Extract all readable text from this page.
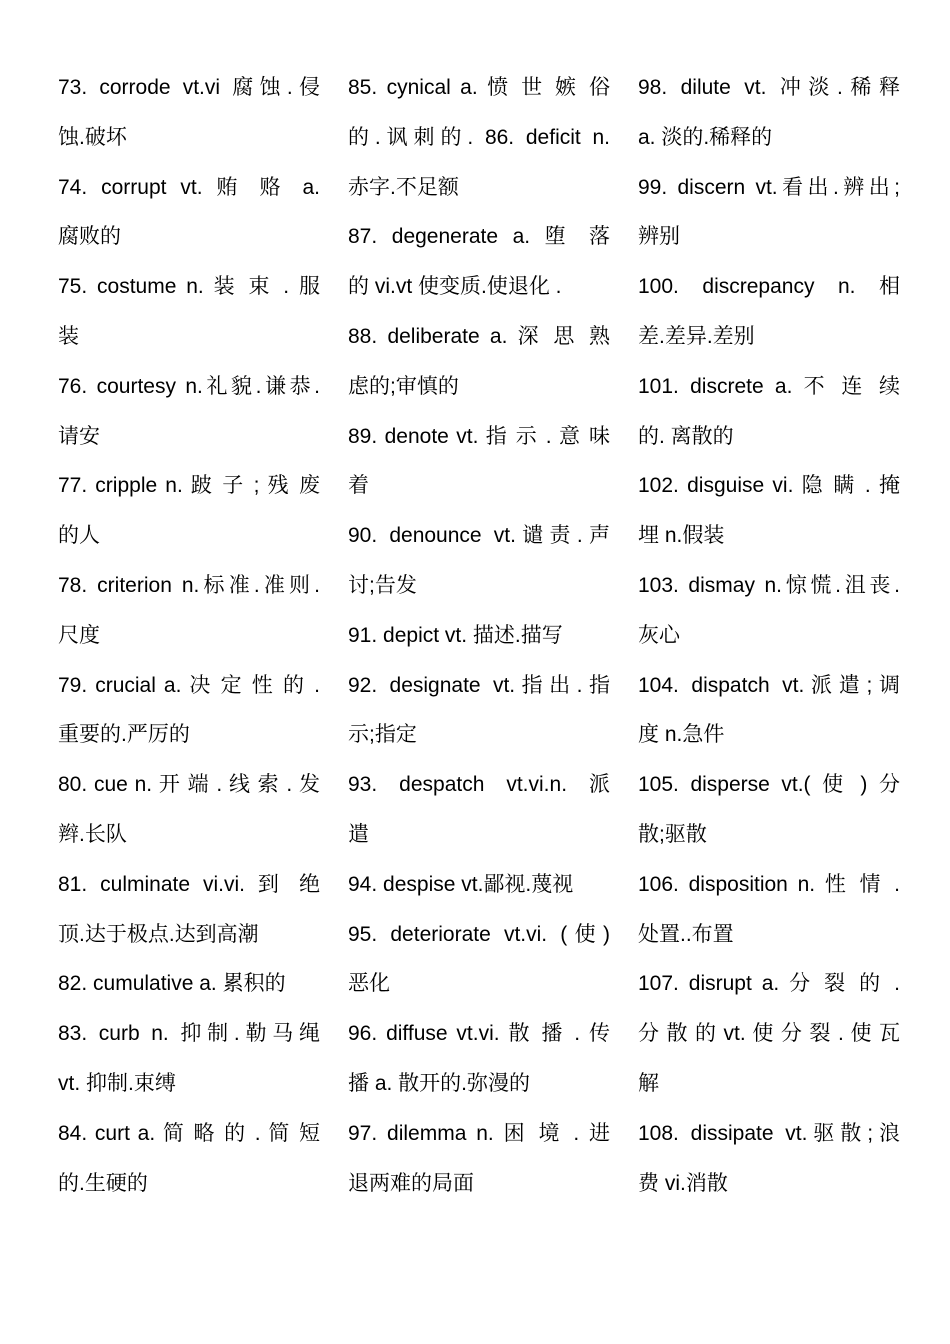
73. corrode vt.vi 腐蚀.侵
蚀.破坏
74. corrupt vt. 贿 赂 a.
腐败的
75. costume n. 装 束 . 服
装
76. courtesy n.礼貌.谦恭.
请安
77. cripple n. 跛 子 ; 残 废
的人
78. criterion n.标准.准则.
尺度
79. crucial a. 决 定 性 的 .
重要的.严厉的
80. cue n. 开 端 . 线 索 . 发
辫.长队
81. culminate vi.vi. 到 绝
顶.达于极点.达到高潮
82. cumulative a. 累积的
83. curb n. 抑制.勒马绳
vt. 抑制.束缚
84. curt a. 简 略 的 . 简 短
的.生硬的
85. cynical a. 愤 世 嫉 俗
的.讽刺的. 86. deficit n.
赤字.不足额
87. degenerate a. 堕 落
的 vi.vt 使变质.使退化 .
88. deliberate a. 深 思 熟
虑的;审慎的
89. denote vt. 指 示 . 意 味
着
90. denounce vt.谴责.声
讨;告发
91. depict vt. 描述.描写
92. designate vt.指出.指
示;指定
93. despatch vt.vi.n. 派
遣
94. despise vt.鄙视.蔑视
95. deteriorate vt.vi. (使)
恶化
96. diffuse vt.vi. 散 播 . 传
播 a. 散开的.弥漫的
97. dilemma n. 困 境 . 进
退两难的局面
98. dilute vt. 冲淡.稀释
a. 淡的.稀释的
99. discern vt.看出.辨出;
辨别
100. discrepancy n. 相
差.差异.差别
101. discrete a. 不 连 续
的. 离散的
102. disguise vi. 隐 瞒 . 掩
埋 n.假装
103. dismay n.惊慌.沮丧.
灰心
104. dispatch vt.派遣;调
度 n.急件
105. disperse vt.( 使 ) 分
散;驱散
106. disposition n. 性 情 .
处置..布置
107. disrupt a. 分 裂 的 .
分 散 的 vt. 使 分 裂 . 使 瓦
解
108. dissipate vt.驱散;浪
费 vi.消散
